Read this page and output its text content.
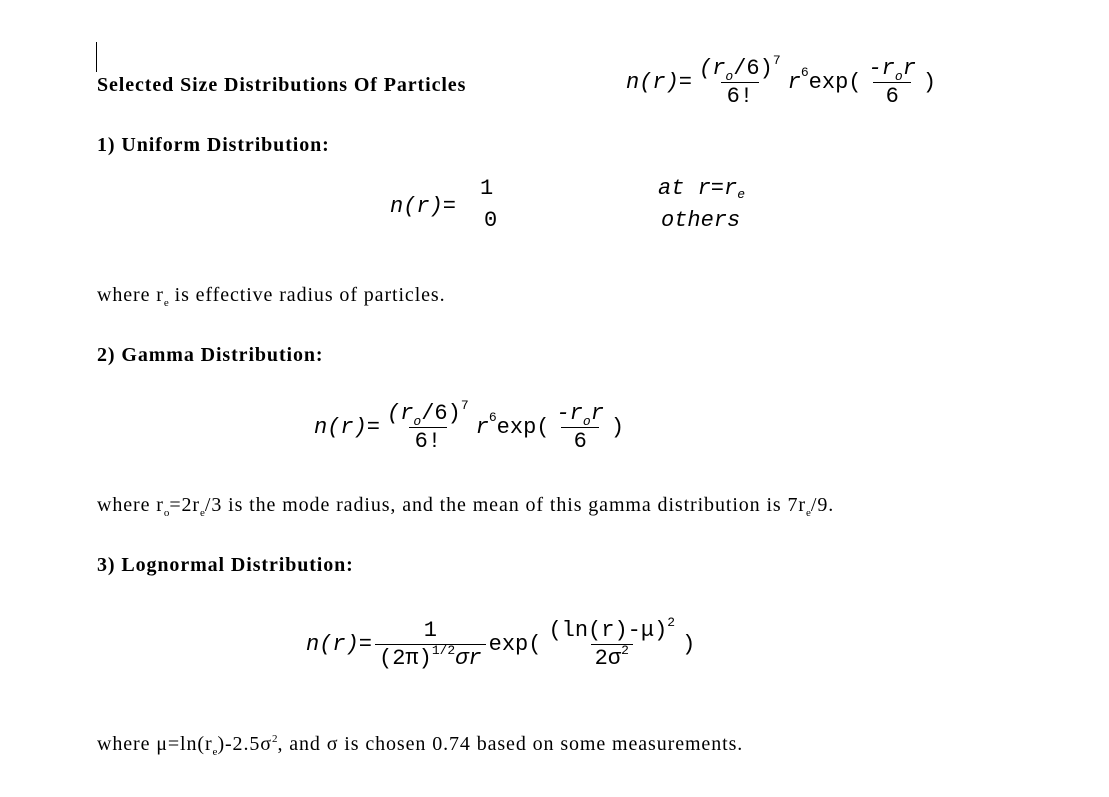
Selected Size Distributions Of Particles	$n(r)= \frac{(r_o/6)^7}{6!}$ r 6 $\exp( \frac{-r_or}{6}$ )
1) Uniform Distribution:
n(r)=
1
0
at r=r e
others
where $r_e$ is effective radius of particles.
2) Gamma Distribution:
$n(r)= \frac{(r_o/6)^7}{6!}$ r 6 $\exp( \frac{-r_or}{6}$ )
where $r_o=2r_e/3$ is the mode radius, and the mean of this gamma distribution is $7r_e/9$.
3) Lognormal Distribution:
$n(r)= \frac{1}{(2\pi)^{1/2}\sigma r} \exp( \frac{(\ln(r)-\mu)^2}{2\sigma^2}$ )
where $\mu=\ln(r_e)-2.5\sigma^2$, and σ is chosen 0.74 based on some measurements.
